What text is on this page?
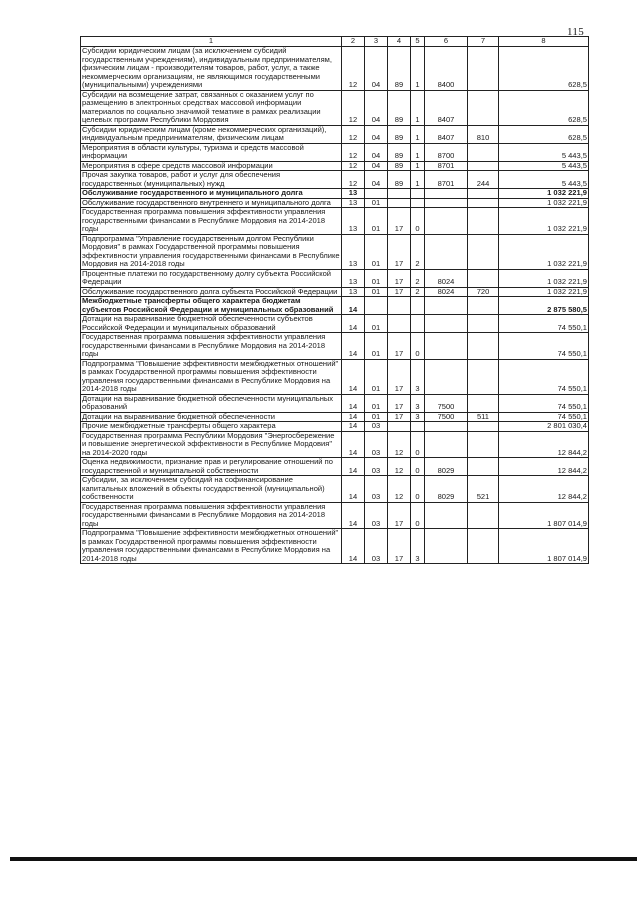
115
1	2	3	4	5	6	7	8
Субсидии юридическим лицам (за исключением субсидий государственным учреждениям), индивидуальным предпринимателям, физическим лицам - производителям товаров, работ, услуг, а также некоммерческим организациям, не являющимся государственными (муниципальными) учреждениями	12	04	89	1	8400		628,5
Субсидии на возмещение затрат, связанных с оказанием услуг по размещению в электронных средствах массовой информации материалов по социально значимой тематике в рамках реализации целевых программ Республики Мордовия	12	04	89	1	8407		628,5
Субсидии юридическим лицам (кроме некоммерческих организаций), индивидуальным предпринимателям, физическим лицам	12	04	89	1	8407	810	628,5
Мероприятия в области культуры, туризма и средств массовой информации	12	04	89	1	8700		5 443,5
Мероприятия в сфере средств массовой информации	12	04	89	1	8701		5 443,5
Прочая закупка товаров, работ и услуг для обеспечения государственных (муниципальных) нужд	12	04	89	1	8701	244	5 443,5
Обслуживание государственного и муниципального долга	13						1 032 221,9
Обслуживание государственного внутреннего и муниципального долга	13	01					1 032 221,9
Государственная программа повышения эффективности управления государственными финансами в Республике Мордовия на 2014-2018 годы	13	01	17	0			1 032 221,9
Подпрограмма "Управление государственным долгом Республики Мордовия" в рамках Государственной программы повышения эффективности управления государственными финансами в Республике Мордовия на 2014-2018 годы	13	01	17	2			1 032 221,9
Процентные платежи по государственному долгу субъекта Российской Федерации	13	01	17	2	8024		1 032 221,9
Обслуживание государственного долга субъекта Российской Федерации	13	01	17	2	8024	720	1 032 221,9
Межбюджетные трансферты общего характера бюджетам субъектов Российской Федерации и муниципальных образований	14						2 875 580,5
Дотации на выравнивание бюджетной обеспеченности субъектов Российской Федерации и муниципальных образований	14	01					74 550,1
Государственная программа повышения эффективности управления государственными финансами в Республике Мордовия на 2014-2018 годы	14	01	17	0			74 550,1
Подпрограмма "Повышение эффективности межбюджетных отношений" в рамках Государственной программы повышения эффективности управления государственными финансами в Республике Мордовия на 2014-2018 годы	14	01	17	3			74 550,1
Дотации на выравнивание бюджетной обеспеченности муниципальных образований	14	01	17	3	7500		74 550,1
Дотации на выравнивание бюджетной обеспеченности	14	01	17	3	7500	511	74 550,1
Прочие межбюджетные трансферты общего характера	14	03					2 801 030,4
Государственная программа Республики Мордовия "Энергосбережение и повышение энергетической эффективности в Республике Мордовия" на 2014-2020 годы	14	03	12	0			12 844,2
Оценка недвижимости, признание прав и регулирование отношений по государственной и муниципальной собственности	14	03	12	0	8029		12 844,2
Субсидии, за исключением субсидий на софинансирование капитальных вложений в объекты государственной (муниципальной) собственности	14	03	12	0	8029	521	12 844,2
Государственная программа повышения эффективности управления государственными финансами в Республике Мордовия на 2014-2018 годы	14	03	17	0			1 807 014,9
Подпрограмма "Повышение эффективности межбюджетных отношений" в рамках Государственной программы повышения эффективности управления государственными финансами в Республике Мордовия на 2014-2018 годы	14	03	17	3			1 807 014,9
